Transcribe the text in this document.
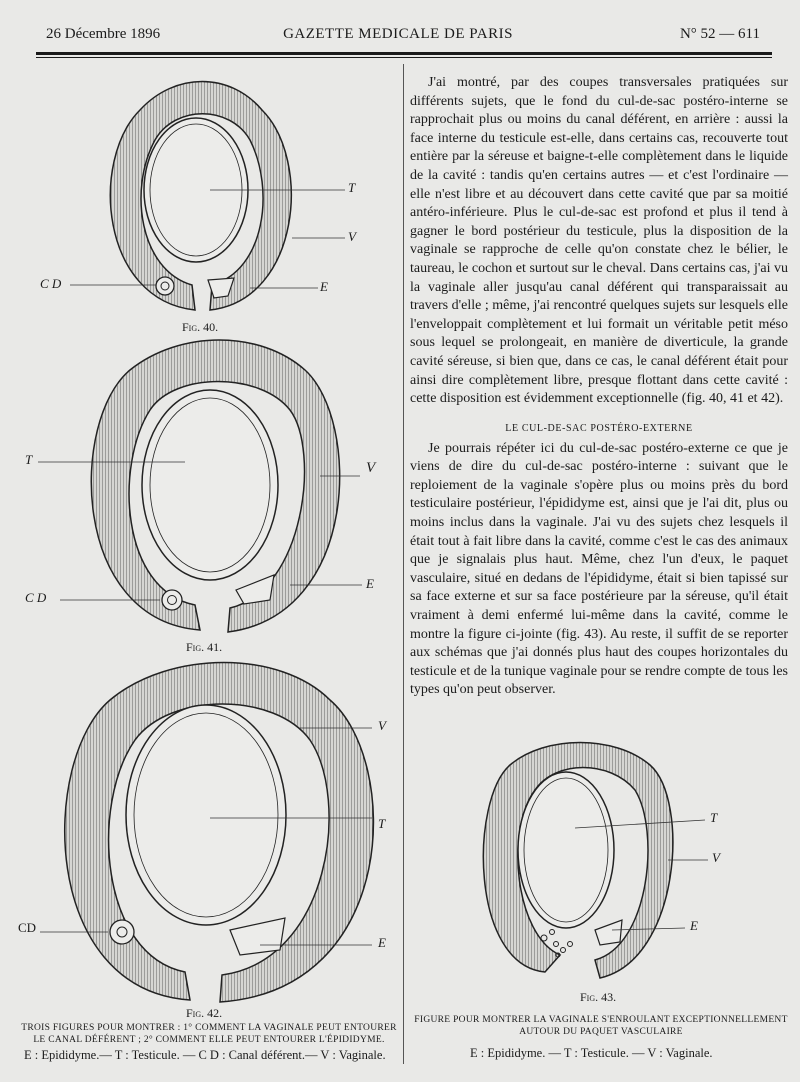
26 Décembre 1896	GAZETTE MEDICALE DE PARIS	N° 52 — 611
T
V
E
C D
Fig. 40.
T
V
E
C D
Fig. 41.
V
T
E
CD
Fig. 42.
TROIS FIGURES POUR MONTRER : 1° COMMENT LA VAGINALE PEUT ENTOURER
LE CANAL DÉFÉRENT ; 2° COMMENT ELLE PEUT ENTOURER L'ÉPIDIDYME.
E : Epididyme.— T : Testicule. — C D : Canal déférent.— V : Vaginale.
T
V
E
Fig. 43.
FIGURE POUR MONTRER LA VAGINALE S'ENROULANT EXCEPTIONNELLEMENT
AUTOUR DU PAQUET VASCULAIRE
E : Epididyme. — T : Testicule. — V : Vaginale.

J'ai montré, par des coupes transversales pratiquées sur différents sujets, que le fond du cul-de-sac postéro-interne se rapprochait plus ou moins du canal déférent, en arrière : aussi la face interne du testicule est-elle, dans certains cas, recouverte tout entière par la séreuse et baigne-t-elle complètement dans le liquide de la cavité : tandis qu'en certains autres — et c'est l'ordinaire — elle n'est libre et au découvert dans cette cavité que par sa moitié antéro-inférieure. Plus le cul-de-sac est profond et plus il tend à gagner le bord postérieur du testicule, plus la disposition de la vaginale se rapproche de celle qu'on constate chez le bélier, le taureau, le cochon et surtout sur le cheval. Dans certains cas, j'ai vu la vaginale aller jusqu'au canal déférent qui transparaissait au travers d'elle ; même, j'ai rencontré quelques sujets sur lesquels elle l'enveloppait complètement et lui formait un véritable petit méso sous lequel se prolongeait, en manière de diverticule, la grande cavité séreuse, si bien que, dans ce cas, le canal déférent était pour ainsi dire complètement libre, presque flottant dans cette cavité : cette disposition est évidemment exceptionnelle (fig. 40, 41 et 42).

LE CUL-DE-SAC POSTÉRO-EXTERNE

Je pourrais répéter ici du cul-de-sac postéro-externe ce que je viens de dire du cul-de-sac postéro-interne : suivant que le reploiement de la vaginale s'opère plus ou moins près du bord testiculaire postérieur, l'épididyme est, ainsi que je l'ai dit, plus ou moins inclus dans la vaginale. J'ai vu des sujets chez lesquels il était tout à fait libre dans la cavité, comme c'est le cas des animaux que je signalais plus haut. Même, chez l'un d'eux, le paquet vasculaire, situé en dedans de l'épididyme, était si bien tapissé sur sa face externe et sur sa face postérieure par la séreuse, qu'il était vraiment à demi enfermé lui-même dans la cavité, comme le montre la figure ci-jointe (fig. 43). Au reste, il suffit de se reporter aux schémas que j'ai donnés plus haut des coupes horizontales du testicule et de la tunique vaginale pour se rendre compte de tous les types qu'on peut observer.
